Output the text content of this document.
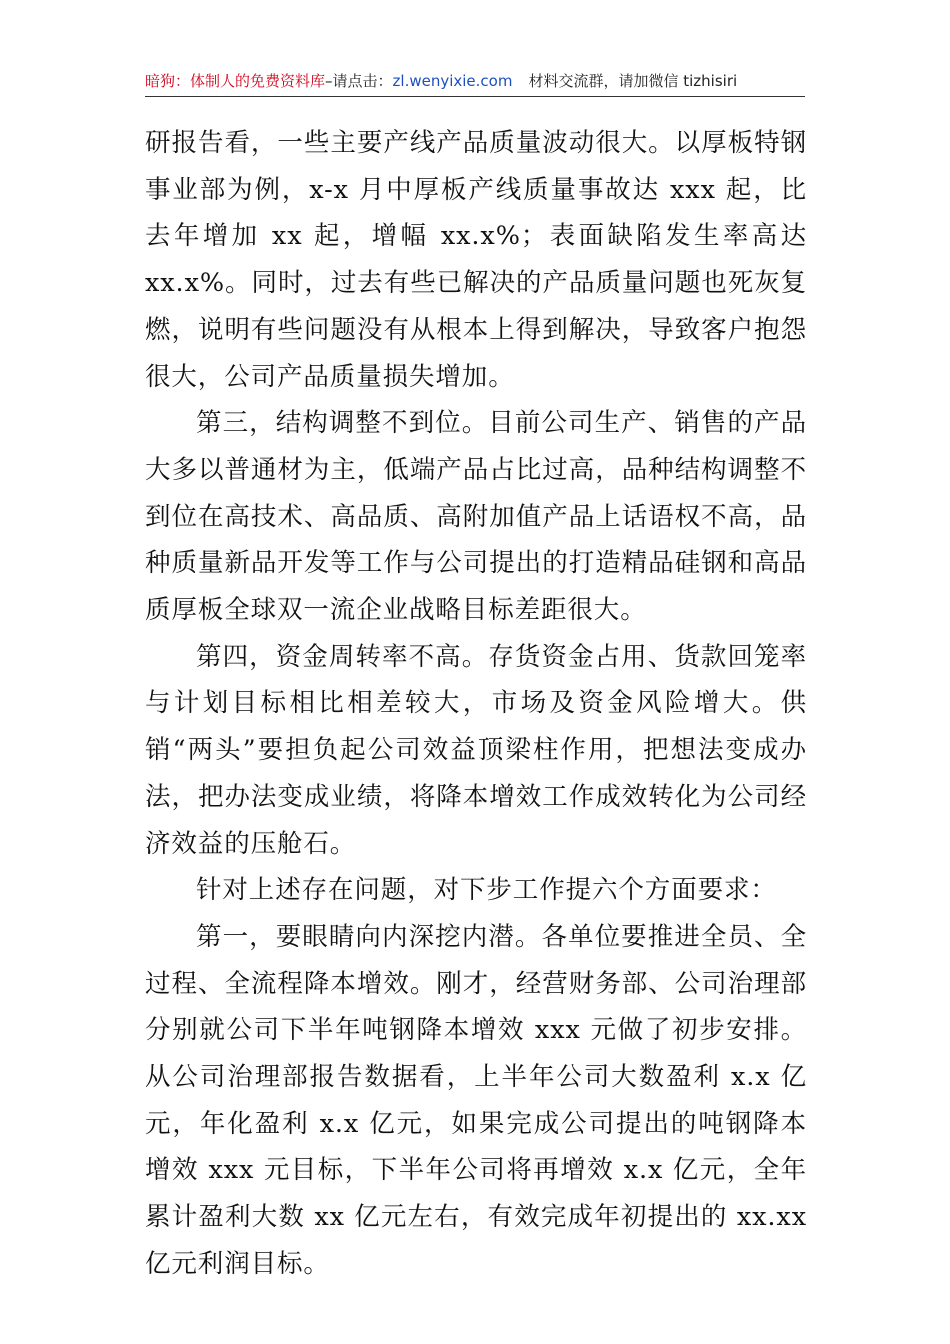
暗狗：体制人的免费资料库–请点击：zl.wenyixie.com 材料交流群，请加微信 tizhisiri

研报告看，一些主要产线产品质量波动很大。以厚板特钢事业部为例，x-x 月中厚板产线质量事故达 xxx 起，比去年增加 xx 起，增幅 xx.x%；表面缺陷发生率高达 xx.x%。同时，过去有些已解决的产品质量问题也死灰复燃，说明有些问题没有从根本上得到解决，导致客户抱怨很大，公司产品质量损失增加。

第三，结构调整不到位。目前公司生产、销售的产品大多以普通材为主，低端产品占比过高，品种结构调整不到位在高技术、高品质、高附加值产品上话语权不高，品种质量新品开发等工作与公司提出的打造精品硅钢和高品质厚板全球双一流企业战略目标差距很大。

第四，资金周转率不高。存货资金占用、货款回笼率与计划目标相比相差较大，市场及资金风险增大。供销“两头”要担负起公司效益顶梁柱作用，把想法变成办法，把办法变成业绩，将降本增效工作成效转化为公司经济效益的压舱石。

针对上述存在问题，对下步工作提六个方面要求：

第一，要眼睛向内深挖内潜。各单位要推进全员、全过程、全流程降本增效。刚才，经营财务部、公司治理部分别就公司下半年吨钢降本增效 xxx 元做了初步安排。从公司治理部报告数据看，上半年公司大数盈利 x.x 亿元，年化盈利 x.x 亿元，如果完成公司提出的吨钢降本增效 xxx 元目标，下半年公司将再增效 x.x 亿元，全年累计盈利大数 xx 亿元左右，有效完成年初提出的 xx.xx 亿元利润目标。
